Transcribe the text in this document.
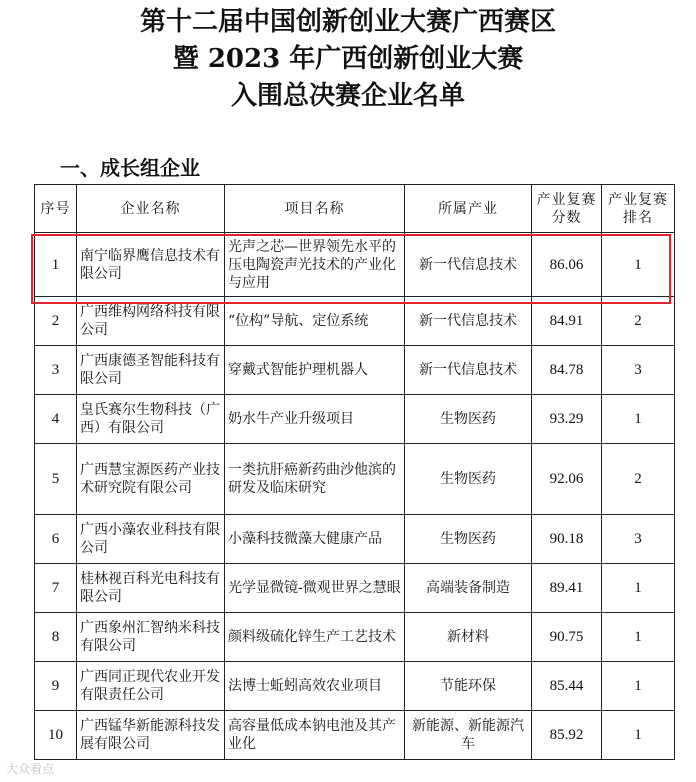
第十二届中国创新创业大赛广西赛区
暨 2023 年广西创新创业大赛
入围总决赛企业名单
一、成长组企业
序号	企业名称	项目名称	所属产业	产业复赛分数	产业复赛排名
1	南宁临界鹰信息技术有限公司	光声之芯—世界领先水平的压电陶瓷声光技术的产业化与应用	新一代信息技术	86.06	1
2	广西维构网络科技有限公司	“位构”导航、定位系统	新一代信息技术	84.91	2
3	广西康德圣智能科技有限公司	穿戴式智能护理机器人	新一代信息技术	84.78	3
4	皇氏赛尔生物科技（广西）有限公司	奶水牛产业升级项目	生物医药	93.29	1
5	广西慧宝源医药产业技术研究院有限公司	一类抗肝癌新药曲沙他滨的研发及临床研究	生物医药	92.06	2
6	广西小藻农业科技有限公司	小藻科技微藻大健康产品	生物医药	90.18	3
7	桂林视百科光电科技有限公司	光学显微镜-微观世界之慧眼	高端装备制造	89.41	1
8	广西象州汇智纳米科技有限公司	颜料级硫化锌生产工艺技术	新材料	90.75	1
9	广西同正现代农业开发有限责任公司	法博士蚯蚓高效农业项目	节能环保	85.44	1
10	广西锰华新能源科技发展有限公司	高容量低成本钠电池及其产业化	新能源、新能源汽车	85.92	1
大众看点
